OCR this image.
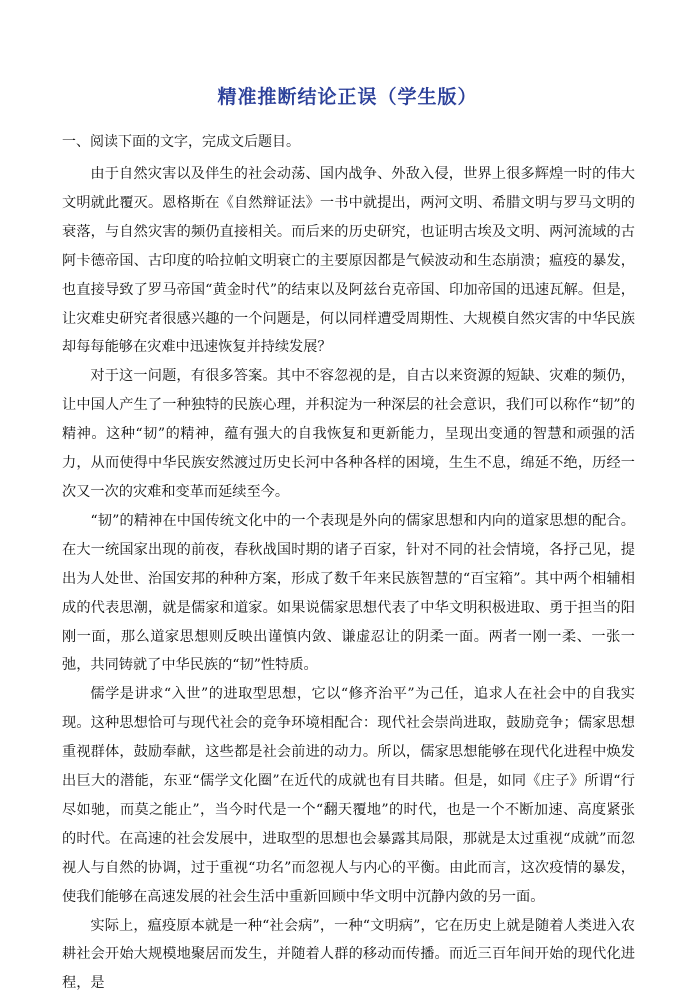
精准推断结论正误（学生版）
一、阅读下面的文字，完成文后题目。

由于自然灾害以及伴生的社会动荡、国内战争、外敌入侵，世界上很多辉煌一时的伟大文明就此覆灭。恩格斯在《自然辩证法》一书中就提出，两河文明、希腊文明与罗马文明的衰落，与自然灾害的频仍直接相关。而后来的历史研究，也证明古埃及文明、两河流域的古阿卡德帝国、古印度的哈拉帕文明衰亡的主要原因都是气候波动和生态崩溃；瘟疫的暴发，也直接导致了罗马帝国“黄金时代”的结束以及阿兹台克帝国、印加帝国的迅速瓦解。但是，让灾难史研究者很感兴趣的一个问题是，何以同样遭受周期性、大规模自然灾害的中华民族却每每能够在灾难中迅速恢复并持续发展？

对于这一问题，有很多答案。其中不容忽视的是，自古以来资源的短缺、灾难的频仍，让中国人产生了一种独特的民族心理，并积淀为一种深层的社会意识，我们可以称作“韧”的精神。这种“韧”的精神，蕴有强大的自我恢复和更新能力，呈现出变通的智慧和顽强的活力，从而使得中华民族安然渡过历史长河中各种各样的困境，生生不息，绵延不绝，历经一次又一次的灾难和变革而延续至今。

“韧”的精神在中国传统文化中的一个表现是外向的儒家思想和内向的道家思想的配合。在大一统国家出现的前夜，春秋战国时期的诸子百家，针对不同的社会情境，各抒己见，提出为人处世、治国安邦的种种方案，形成了数千年来民族智慧的“百宝箱”。其中两个相辅相成的代表思潮，就是儒家和道家。如果说儒家思想代表了中华文明积极进取、勇于担当的阳刚一面，那么道家思想则反映出谨慎内敛、谦虚忍让的阴柔一面。两者一刚一柔、一张一弛，共同铸就了中华民族的“韧”性特质。

儒学是讲求“入世”的进取型思想，它以“修齐治平”为己任，追求人在社会中的自我实现。这种思想恰可与现代社会的竞争环境相配合：现代社会崇尚进取，鼓励竞争；儒家思想重视群体，鼓励奉献，这些都是社会前进的动力。所以，儒家思想能够在现代化进程中焕发出巨大的潜能，东亚“儒学文化圈”在近代的成就也有目共睹。但是，如同《庄子》所谓“行尽如驰，而莫之能止”，当今时代是一个“翻天覆地”的时代，也是一个不断加速、高度紧张的时代。在高速的社会发展中，进取型的思想也会暴露其局限，那就是太过重视“成就”而忽视人与自然的协调，过于重视“功名”而忽视人与内心的平衡。由此而言，这次疫情的暴发，使我们能够在高速发展的社会生活中重新回顾中华文明中沉静内敛的另一面。

实际上，瘟疫原本就是一种“社会病”，一种“文明病”，它在历史上就是随着人类进入农耕社会开始大规模地聚居而发生，并随着人群的移动而传播。而近三百年间开始的现代化进程，是
